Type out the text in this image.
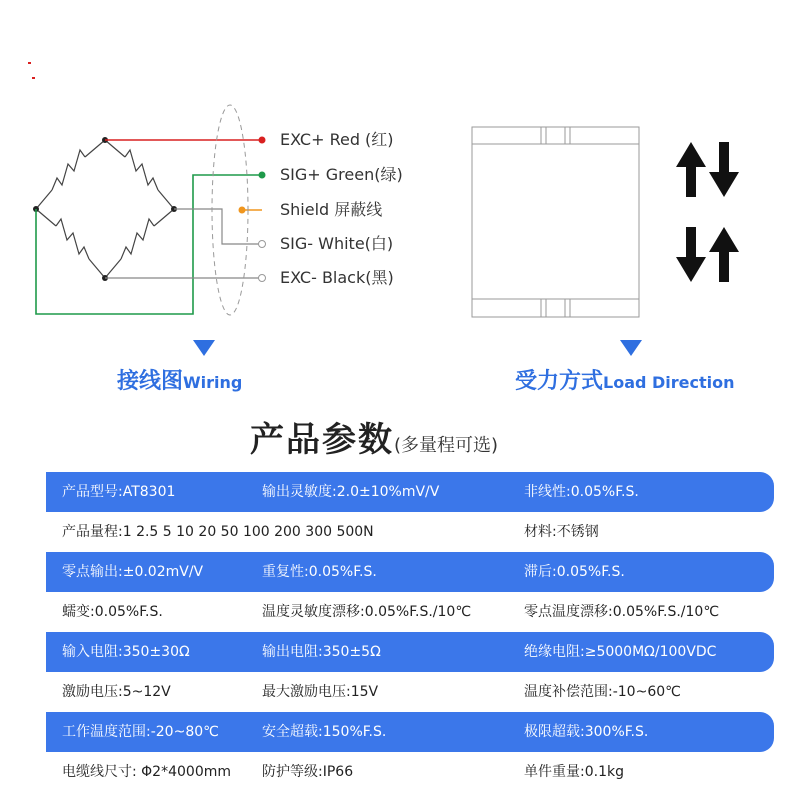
EXC+ Red (红)
SIG+ Green(绿)
Shield 屏蔽线
SIG- White(白)
EXC- Black(黑)
接线图Wiring	受力方式Load Direction
产品参数(多量程可选)
产品型号:AT8301	输出灵敏度:2.0±10%mV/V	非线性:0.05%F.S.
产品量程:1 2.5 5 10 20 50 100 200 300 500N	材料:不锈钢
零点输出:±0.02mV/V	重复性:0.05%F.S.	滞后:0.05%F.S.
蠕变:0.05%F.S.	温度灵敏度漂移:0.05%F.S./10℃	零点温度漂移:0.05%F.S./10℃
输入电阻:350±30Ω	输出电阻:350±5Ω	绝缘电阻:≥5000MΩ/100VDC
激励电压:5~12V	最大激励电压:15V	温度补偿范围:-10~60℃
工作温度范围:-20~80℃	安全超载:150%F.S.	极限超载:300%F.S.
电缆线尺寸: Φ2*4000mm 防护等级:IP66	单件重量:0.1kg
